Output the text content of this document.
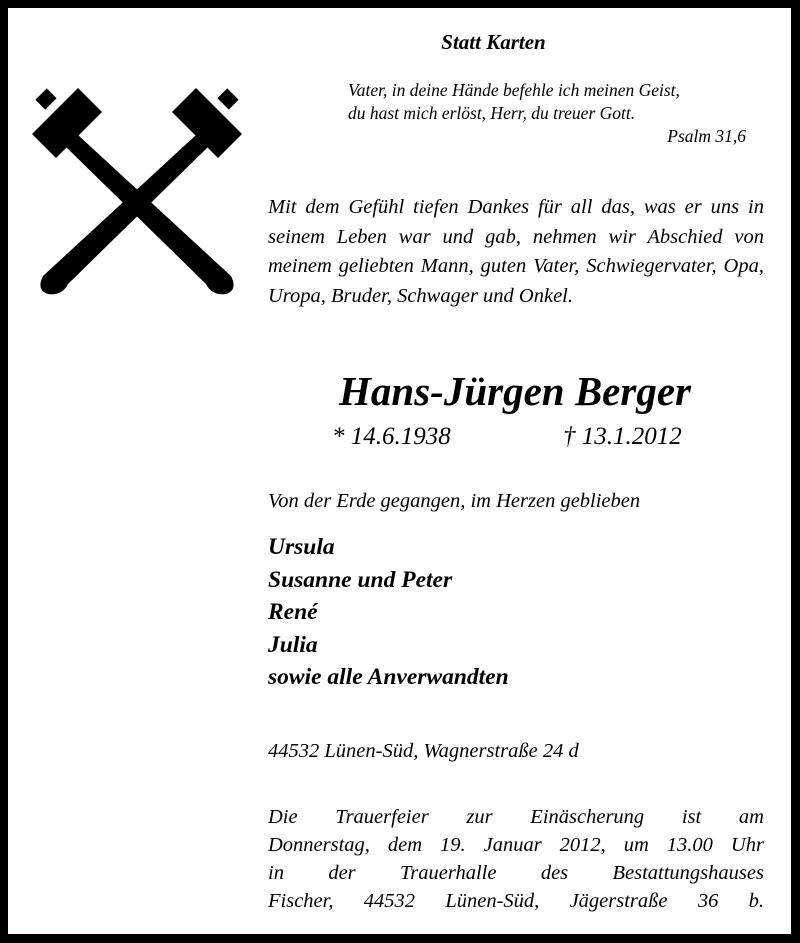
Statt Karten
Vater, in deine Hände befehle ich meinen Geist,
du hast mich erlöst, Herr, du treuer Gott.
Psalm 31,6
Mit dem Gefühl tiefen Dankes für all das, was er uns in seinem Leben war und gab, nehmen wir Abschied von meinem geliebten Mann, guten Vater, Schwiegervater, Opa, Uropa, Bruder, Schwager und Onkel.
Hans-Jürgen Berger
* 14.6.1938	† 13.1.2012
Von der Erde gegangen, im Herzen geblieben
Ursula
Susanne und Peter
René
Julia
sowie alle Anverwandten
44532 Lünen-Süd, Wagnerstraße 24 d
Die Trauerfeier zur Einäscherung ist am
Donnerstag, dem 19. Januar 2012, um 13.00 Uhr
in der Trauerhalle des Bestattungshauses
Fischer, 44532 Lünen-Süd, Jägerstraße 36 b.
